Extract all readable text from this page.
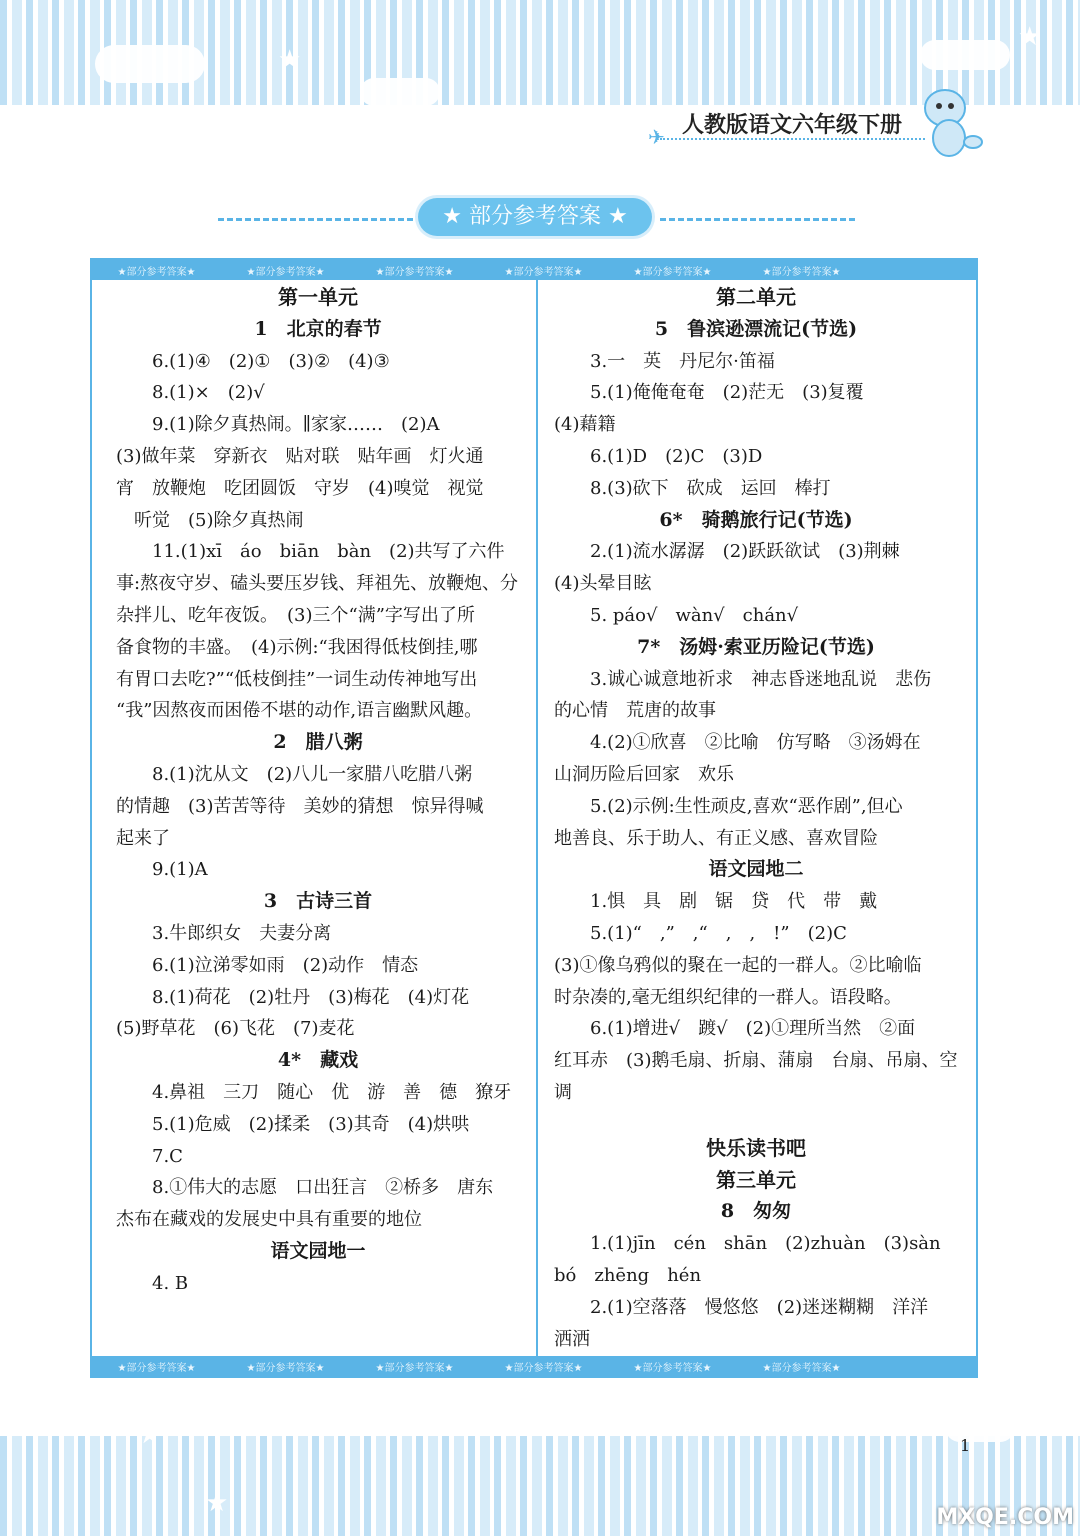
★
★
✈ 人教版语文六年级下册
★ 部分参考答案 ★
★部分参考答案★	★部分参考答案★	★部分参考答案★	★部分参考答案★	★部分参考答案★	★部分参考答案★
第一单元
1　北京的春节
6.(1)④　(2)①　(3)②　(4)③
8.(1)×　(2)√
9.(1)除夕真热闹。∥家家……　(2)A
(3)做年菜　穿新衣　贴对联　贴年画　灯火通
宵　放鞭炮　吃团圆饭　守岁　(4)嗅觉　视觉
　听觉　(5)除夕真热闹
11.(1)xī　áo　biān　bàn　(2)共写了六件
事:熬夜守岁、磕头要压岁钱、拜祖先、放鞭炮、分
杂拌儿、吃年夜饭。　(3)三个“满”字写出了所
备食物的丰盛。　(4)示例:“我困得低枝倒挂,哪
有胃口去吃?”“低枝倒挂”一词生动传神地写出
“我”因熬夜而困倦不堪的动作,语言幽默风趣。
2　腊八粥
8.(1)沈从文　(2)八儿一家腊八吃腊八粥
的情趣　(3)苦苦等待　美妙的猜想　惊异得喊
起来了
9.(1)A
3　古诗三首
3.牛郎织女　夫妻分离
6.(1)泣涕零如雨　(2)动作　情态
8.(1)荷花　(2)牡丹　(3)梅花　(4)灯花
(5)野草花　(6)飞花　(7)麦花
4*　藏戏
4.鼻祖　三刀　随心　优　游　善　德　獠牙
5.(1)危威　(2)揉柔　(3)其奇　(4)烘哄
7.C
8.①伟大的志愿　口出狂言　②桥多　唐东
杰布在藏戏的发展史中具有重要的地位
语文园地一
4. B
第二单元
5　鲁滨逊漂流记(节选)
3.一　英　丹尼尔·笛福
5.(1)俺俺奄奄　(2)茫无　(3)复覆
(4)藉籍
6.(1)D　(2)C　(3)D
8.(3)砍下　砍成　运回　棒打
6*　骑鹅旅行记(节选)
2.(1)流水潺潺　(2)跃跃欲试　(3)荆棘
(4)头晕目眩
5. páo√　wàn√　chán√
7*　汤姆·索亚历险记(节选)
3.诚心诚意地祈求　神志昏迷地乱说　悲伤
的心情　荒唐的故事
4.(2)①欣喜　②比喻　仿写略　③汤姆在
山洞历险后回家　欢乐
5.(2)示例:生性顽皮,喜欢“恶作剧”,但心
地善良、乐于助人、有正义感、喜欢冒险
语文园地二
1.惧　具　剧　锯　贷　代　带　戴
5.(1)“　,”　,“　,　,　!”　(2)C
(3)①像乌鸦似的聚在一起的一群人。②比喻临
时杂凑的,毫无组织纪律的一群人。语段略。
6.(1)增进√　踱√　(2)①理所当然　②面
红耳赤　(3)鹅毛扇、折扇、蒲扇　台扇、吊扇、空
调
快乐读书吧
第三单元
8　匆匆
1.(1)jīn　cén　shān　(2)zhuàn　(3)sàn
bó　zhēng　hén
2.(1)空落落　慢悠悠　(2)迷迷糊糊　洋洋
洒洒
★部分参考答案★	★部分参考答案★	★部分参考答案★	★部分参考答案★	★部分参考答案★	★部分参考答案★
★
★
1
MXQE.COM
